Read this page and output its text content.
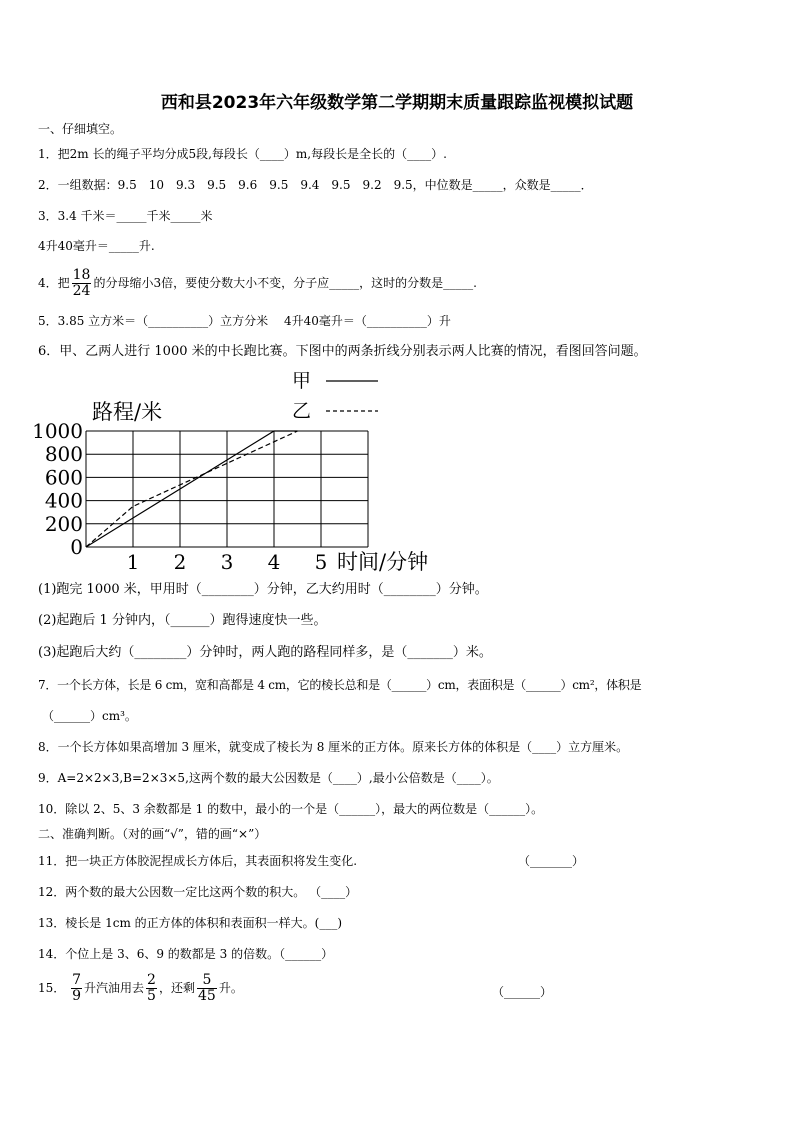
西和县2023年六年级数学第二学期期末质量跟踪监视模拟试题
一、仔细填空。
1．把2m 长的绳子平均分成5段,每段长（____）m,每段长是全长的（____）.
2．一组数据：9.5　10　9.3　9.5　9.6　9.5　9.4　9.5　9.2　9.5，中位数是_____，众数是_____．
3．3.4 千米＝_____千米_____米
4升40毫升＝_____升.
4．把 $\frac{18}{24}$ 的分母缩小3倍，要使分数大小不变，分子应_____，这时的分数是_____.
5．3.85 立方米＝（__________）立方分米　 4升40毫升＝（__________）升
6．甲、乙两人进行 1000 米的中长跑比赛。下图中的两条折线分别表示两人比赛的情况，看图回答问题。
0
200
400
600
800
1000
1 2 3 4 5
路程/米
时间/分钟
甲
乙
(1)跑完 1000 米，甲用时（________）分钟，乙大约用时（________）分钟。
(2)起跑后 1 分钟内，（______）跑得速度快一些。
(3)起跑后大约（________）分钟时，两人跑的路程同样多，是（_______）米。
7．一个长方体，长是 6 cm，宽和高都是 4 cm，它的棱长总和是（______）cm，表面积是（______）cm²，体积是
（______）cm³。
8．一个长方体如果高增加 3 厘米，就变成了棱长为 8 厘米的正方体。原来长方体的体积是（____）立方厘米。
9．A=2×2×3,B=2×3×5,这两个数的最大公因数是（____）,最小公倍数是（____）。
10．除以 2、5、3 余数都是 1 的数中，最小的一个是（______），最大的两位数是（______）。
二、准确判断。（对的画“√”，错的画“×”）
11．把一块正方体胶泥捏成长方体后，其表面积将发生变化.	（_______）
12．两个数的最大公因数一定比这两个数的积大。 （____）
13．棱长是 1cm 的正方体的体积和表面积一样大。(___)
14．个位上是 3、6、9 的数都是 3 的倍数。（______）
15． $\frac{7}{9}$ 升汽油用去 $\frac{2}{5}$ ，还剩 $\frac{5}{45}$ 升。	（______）
